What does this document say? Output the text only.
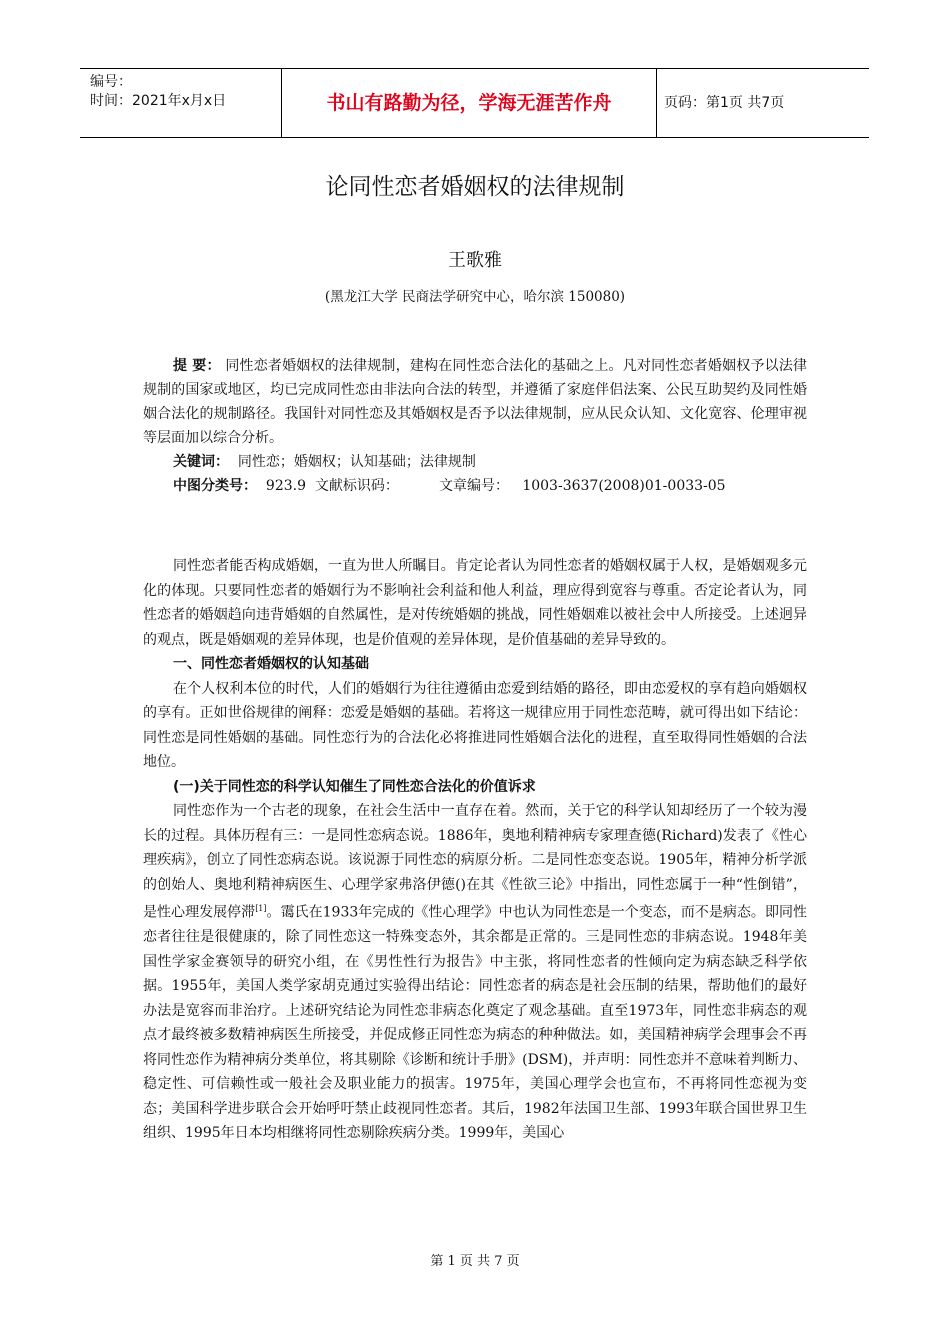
编号：
时间：2021年x月x日	书山有路勤为径，学海无涯苦作舟	页码：第1页 共7页
论同性恋者婚姻权的法律规制
王歌雅
(黑龙江大学 民商法学研究中心，哈尔滨 150080)

提 要： 同性恋者婚姻权的法律规制，建构在同性恋合法化的基础之上。凡对同性恋者婚姻权予以法律规制的国家或地区，均已完成同性恋由非法向合法的转型，并遵循了家庭伴侣法案、公民互助契约及同性婚姻合法化的规制路径。我国针对同性恋及其婚姻权是否予以法律规制，应从民众认知、文化宽容、伦理审视等层面加以综合分析。

关键词： 同性恋；婚姻权；认知基础；法律规制

中图分类号： 923.9 文献标识码：	文章编号： 1003-3637(2008)01-0033-05

同性恋者能否构成婚姻，一直为世人所瞩目。肯定论者认为同性恋者的婚姻权属于人权，是婚姻观多元化的体现。只要同性恋者的婚姻行为不影响社会利益和他人利益，理应得到宽容与尊重。否定论者认为，同性恋者的婚姻趋向违背婚姻的自然属性，是对传统婚姻的挑战，同性婚姻难以被社会中人所接受。上述迥异的观点，既是婚姻观的差异体现，也是价值观的差异体现，是价值基础的差异导致的。

一、同性恋者婚姻权的认知基础

在个人权利本位的时代，人们的婚姻行为往往遵循由恋爱到结婚的路径，即由恋爱权的享有趋向婚姻权的享有。正如世俗规律的阐释：恋爱是婚姻的基础。若将这一规律应用于同性恋范畴，就可得出如下结论：同性恋是同性婚姻的基础。同性恋行为的合法化必将推进同性婚姻合法化的进程，直至取得同性婚姻的合法地位。

(一)关于同性恋的科学认知催生了同性恋合法化的价值诉求

同性恋作为一个古老的现象，在社会生活中一直存在着。然而，关于它的科学认知却经历了一个较为漫长的过程。具体历程有三：一是同性恋病态说。1886年，奥地利精神病专家理查德(Richard)发表了《性心理疾病》，创立了同性恋病态说。该说源于同性恋的病原分析。二是同性恋变态说。1905年，精神分析学派的创始人、奥地利精神病医生、心理学家弗洛伊德()在其《性欲三论》中指出，同性恋属于一种“性倒错”，是性心理发展停滞[1]。霭氏在1933年完成的《性心理学》中也认为同性恋是一个变态，而不是病态。即同性恋者往往是很健康的，除了同性恋这一特殊变态外，其余都是正常的。三是同性恋的非病态说。1948年美国性学家金赛领导的研究小组，在《男性性行为报告》中主张，将同性恋者的性倾向定为病态缺乏科学依据。1955年，美国人类学家胡克通过实验得出结论：同性恋者的病态是社会压制的结果，帮助他们的最好办法是宽容而非治疗。上述研究结论为同性恋非病态化奠定了观念基础。直至1973年，同性恋非病态的观点才最终被多数精神病医生所接受，并促成修正同性恋为病态的种种做法。如，美国精神病学会理事会不再将同性恋作为精神病分类单位，将其剔除《诊断和统计手册》(DSM)，并声明：同性恋并不意味着判断力、稳定性、可信赖性或一般社会及职业能力的损害。1975年，美国心理学会也宣布，不再将同性恋视为变态；美国科学进步联合会开始呼吁禁止歧视同性恋者。其后，1982年法国卫生部、1993年联合国世界卫生组织、1995年日本均相继将同性恋剔除疾病分类。1999年，美国心

第 1 页 共 7 页
